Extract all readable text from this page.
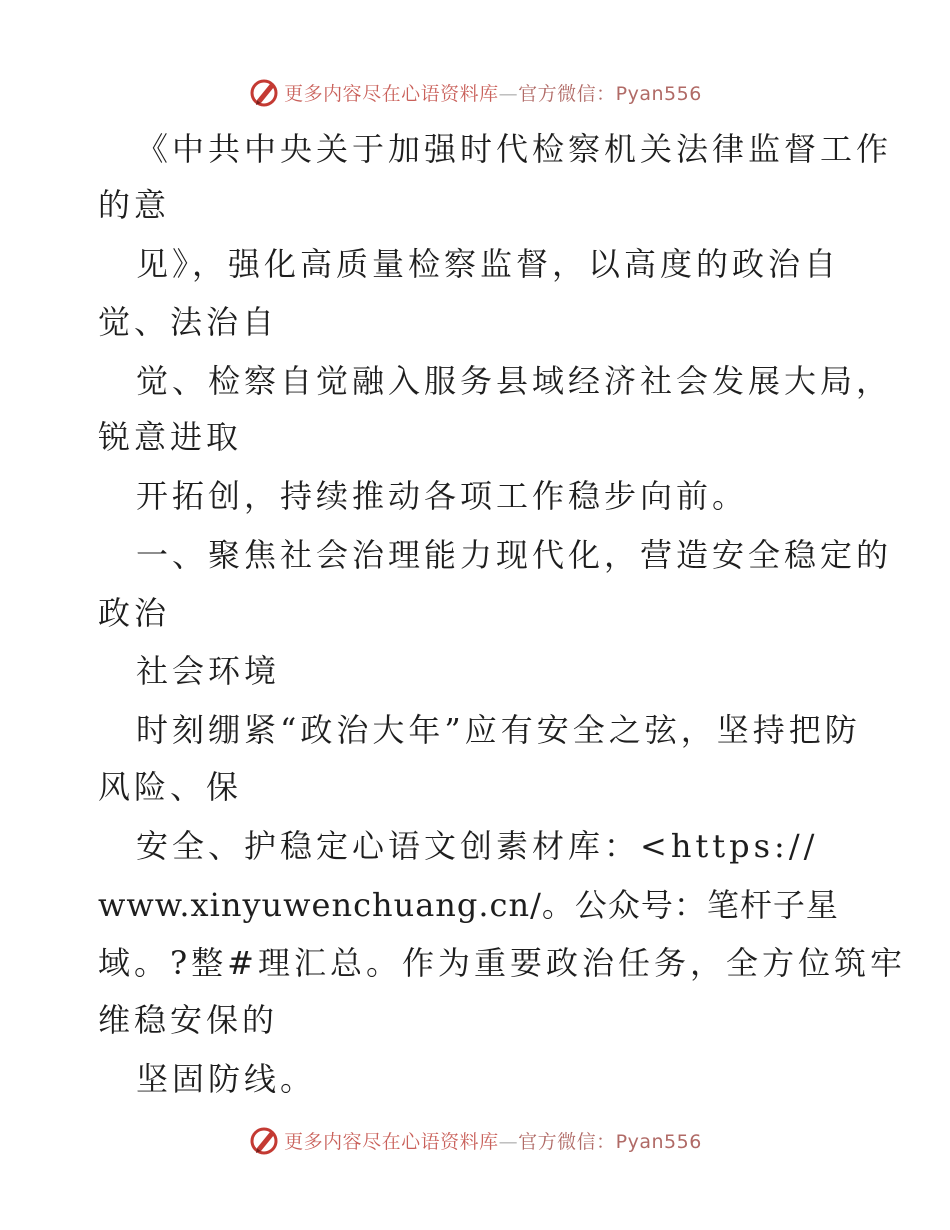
更多内容尽在心语资料库—官方微信：Pyan556
《中共中央关于加强时代检察机关法律监督工作
的意
见》，强化高质量检察监督，以高度的政治自
觉、法治自
觉、检察自觉融入服务县域经济社会发展大局，
锐意进取
开拓创，持续推动各项工作稳步向前。
一、聚焦社会治理能力现代化，营造安全稳定的
政治
社会环境
时刻绷紧“政治大年”应有安全之弦，坚持把防
风险、保
安全、护稳定心语文创素材库：<https://
www.xinyuwenchuang.cn/。公众号：笔杆子星
域。?整#理汇总。作为重要政治任务，全方位筑牢
维稳安保的
坚固防线。
更多内容尽在心语资料库—官方微信：Pyan556
